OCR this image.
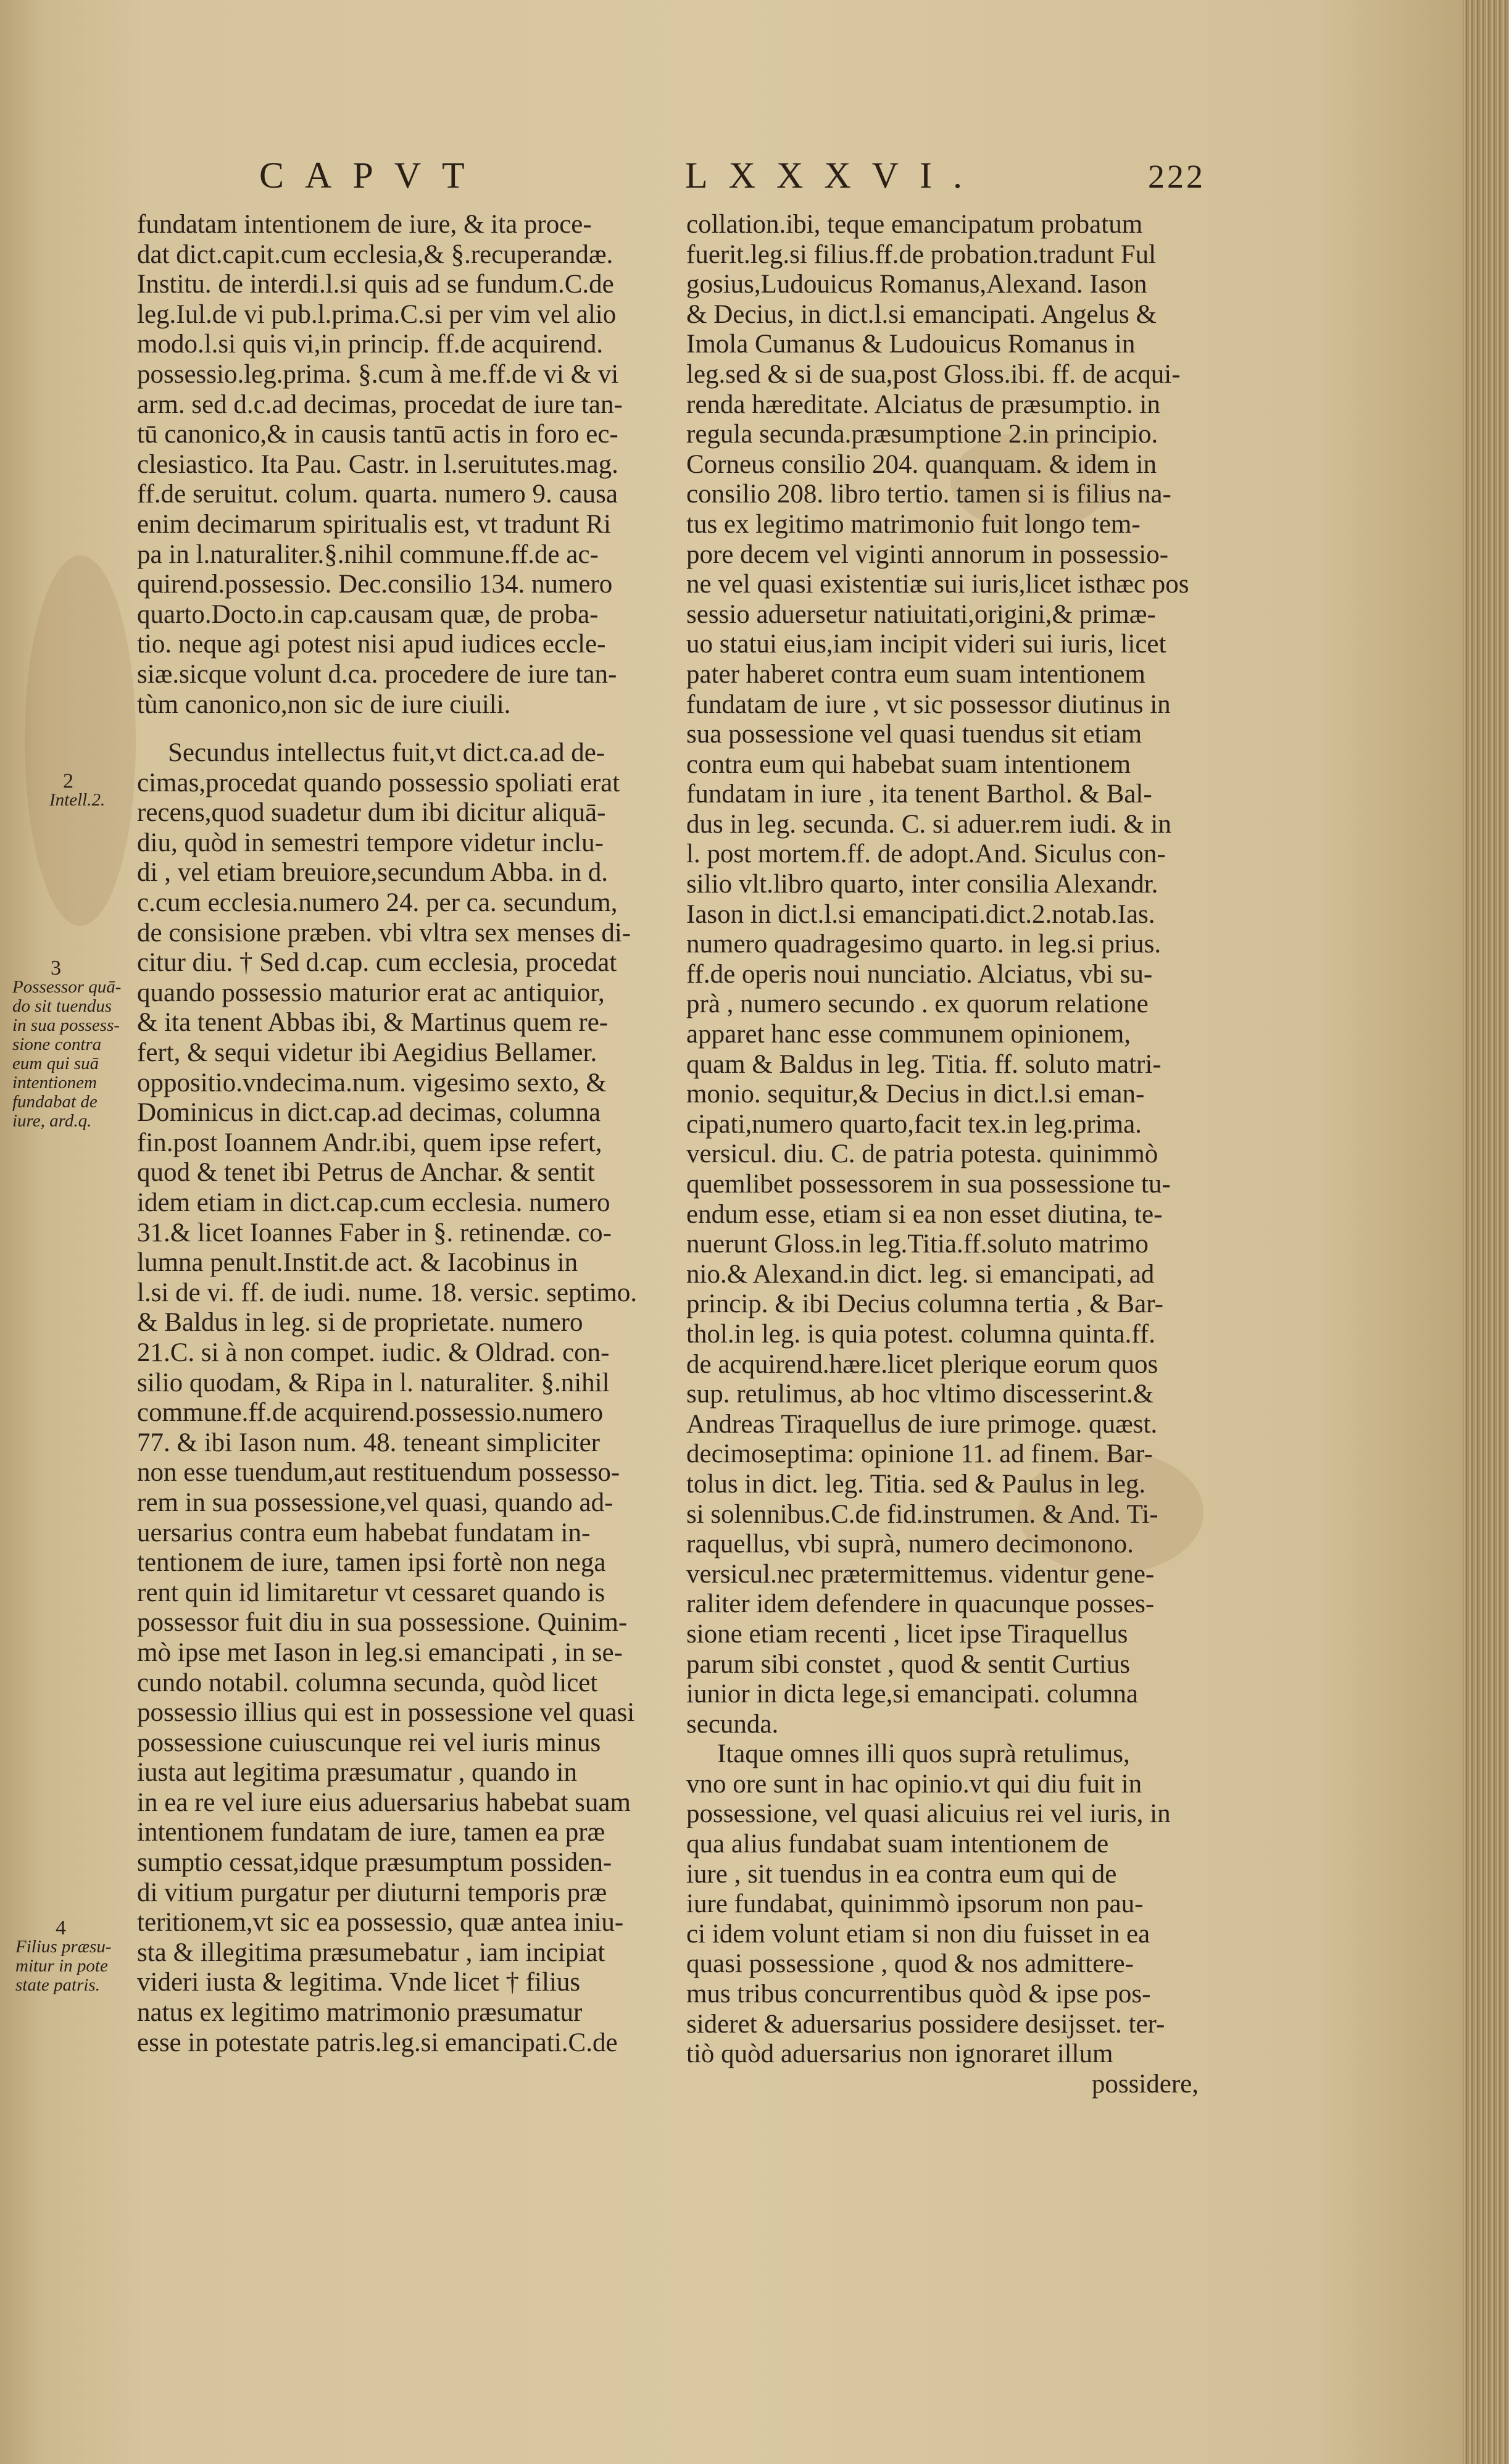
CAPVT	LXXXVI.	222
2
Intell.2.
3
Possessor quā-
do sit tuendus
in sua possess-
sione contra
eum qui suā
intentionem
fundabat de
iure, ard.q.
4
Filius præsu-
mitur in pote
state patris.
fundatam intentionem de iure, & ita proce-
dat dict.capit.cum ecclesia,& §.recuperandæ.
Institu. de interdi.l.si quis ad se fundum.C.de
leg.Iul.de vi pub.l.prima.C.si per vim vel alio
modo.l.si quis vi,in princip. ff.de acquirend.
possessio.leg.prima. §.cum à me.ff.de vi & vi
arm. sed d.c.ad decimas, procedat de iure tan-
tū canonico,& in causis tantū actis in foro ec-
clesiastico. Ita Pau. Castr. in l.seruitutes.mag.
ff.de seruitut. colum. quarta. numero 9. causa
enim decimarum spiritualis est, vt tradunt Ri
pa in l.naturaliter.§.nihil commune.ff.de ac-
quirend.possessio. Dec.consilio 134. numero
quarto.Docto.in cap.causam quæ, de proba-
tio. neque agi potest nisi apud iudices eccle-
siæ.sicque volunt d.ca. procedere de iure tan-
tùm canonico,non sic de iure ciuili.
Secundus intellectus fuit,vt dict.ca.ad de-
cimas,procedat quando possessio spoliati erat
recens,quod suadetur dum ibi dicitur aliquā-
diu, quòd in semestri tempore videtur inclu-
di , vel etiam breuiore,secundum Abba. in d.
c.cum ecclesia.numero 24. per ca. secundum,
de consisione præben. vbi vltra sex menses di-
citur diu. † Sed d.cap. cum ecclesia, procedat
quando possessio maturior erat ac antiquior,
& ita tenent Abbas ibi, & Martinus quem re-
fert, & sequi videtur ibi Aegidius Bellamer.
oppositio.vndecima.num. vigesimo sexto, &
Dominicus in dict.cap.ad decimas, columna
fin.post Ioannem Andr.ibi, quem ipse refert,
quod & tenet ibi Petrus de Anchar. & sentit
idem etiam in dict.cap.cum ecclesia. numero
31.& licet Ioannes Faber in §. retinendæ. co-
lumna penult.Instit.de act. & Iacobinus in
l.si de vi. ff. de iudi. nume. 18. versic. septimo.
& Baldus in leg. si de proprietate. numero
21.C. si à non compet. iudic. & Oldrad. con-
silio quodam, & Ripa in l. naturaliter. §.nihil
commune.ff.de acquirend.possessio.numero
77. & ibi Iason num. 48. teneant simpliciter
non esse tuendum,aut restituendum possesso-
rem in sua possessione,vel quasi, quando ad-
uersarius contra eum habebat fundatam in-
tentionem de iure, tamen ipsi fortè non nega
rent quin id limitaretur vt cessaret quando is
possessor fuit diu in sua possessione. Quinim-
mò ipse met Iason in leg.si emancipati , in se-
cundo notabil. columna secunda, quòd licet
possessio illius qui est in possessione vel quasi
possessione cuiuscunque rei vel iuris minus
iusta aut legitima præsumatur , quando in
in ea re vel iure eius aduersarius habebat suam
intentionem fundatam de iure, tamen ea præ
sumptio cessat,idque præsumptum possiden-
di vitium purgatur per diuturni temporis præ
teritionem,vt sic ea possessio, quæ antea iniu-
sta & illegitima præsumebatur , iam incipiat
videri iusta & legitima. Vnde licet † filius
natus ex legitimo matrimonio præsumatur
esse in potestate patris.leg.si emancipati.C.de
collation.ibi, teque emancipatum probatum
fuerit.leg.si filius.ff.de probation.tradunt Ful
gosius,Ludouicus Romanus,Alexand. Iason
& Decius, in dict.l.si emancipati. Angelus &
Imola Cumanus & Ludouicus Romanus in
leg.sed & si de sua,post Gloss.ibi. ff. de acqui-
renda hæreditate. Alciatus de præsumptio. in
regula secunda.præsumptione 2.in principio.
Corneus consilio 204. quanquam. & idem in
consilio 208. libro tertio. tamen si is filius na-
tus ex legitimo matrimonio fuit longo tem-
pore decem vel viginti annorum in possessio-
ne vel quasi existentiæ sui iuris,licet isthæc pos
sessio aduersetur natiuitati,origini,& primæ-
uo statui eius,iam incipit videri sui iuris, licet
pater haberet contra eum suam intentionem
fundatam de iure , vt sic possessor diutinus in
sua possessione vel quasi tuendus sit etiam
contra eum qui habebat suam intentionem
fundatam in iure , ita tenent Barthol. & Bal-
dus in leg. secunda. C. si aduer.rem iudi. & in
l. post mortem.ff. de adopt.And. Siculus con-
silio vlt.libro quarto, inter consilia Alexandr.
Iason in dict.l.si emancipati.dict.2.notab.Ias.
numero quadragesimo quarto. in leg.si prius.
ff.de operis noui nunciatio. Alciatus, vbi su-
prà , numero secundo . ex quorum relatione
apparet hanc esse communem opinionem,
quam & Baldus in leg. Titia. ff. soluto matri-
monio. sequitur,& Decius in dict.l.si eman-
cipati,numero quarto,facit tex.in leg.prima.
versicul. diu. C. de patria potesta. quinimmò
quemlibet possessorem in sua possessione tu-
endum esse, etiam si ea non esset diutina, te-
nuerunt Gloss.in leg.Titia.ff.soluto matrimo
nio.& Alexand.in dict. leg. si emancipati, ad
princip. & ibi Decius columna tertia , & Bar-
thol.in leg. is quia potest. columna quinta.ff.
de acquirend.hære.licet plerique eorum quos
sup. retulimus, ab hoc vltimo discesserint.&
Andreas Tiraquellus de iure primoge. quæst.
decimoseptima: opinione 11. ad finem. Bar-
tolus in dict. leg. Titia. sed & Paulus in leg.
si solennibus.C.de fid.instrumen. & And. Ti-
raquellus, vbi suprà, numero decimonono.
versicul.nec prætermittemus. videntur gene-
raliter idem defendere in quacunque posses-
sione etiam recenti , licet ipse Tiraquellus
parum sibi constet , quod & sentit Curtius
iunior in dicta lege,si emancipati. columna
secunda.
Itaque omnes illi quos suprà retulimus,
vno ore sunt in hac opinio.vt qui diu fuit in
possessione, vel quasi alicuius rei vel iuris, in
qua alius fundabat suam intentionem de
iure , sit tuendus in ea contra eum qui de
iure fundabat, quinimmò ipsorum non pau-
ci idem volunt etiam si non diu fuisset in ea
quasi possessione , quod & nos admittere-
mus tribus concurrentibus quòd & ipse pos-
sideret & aduersarius possidere desijsset. ter-
tiò quòd aduersarius non ignoraret illum
possidere,
